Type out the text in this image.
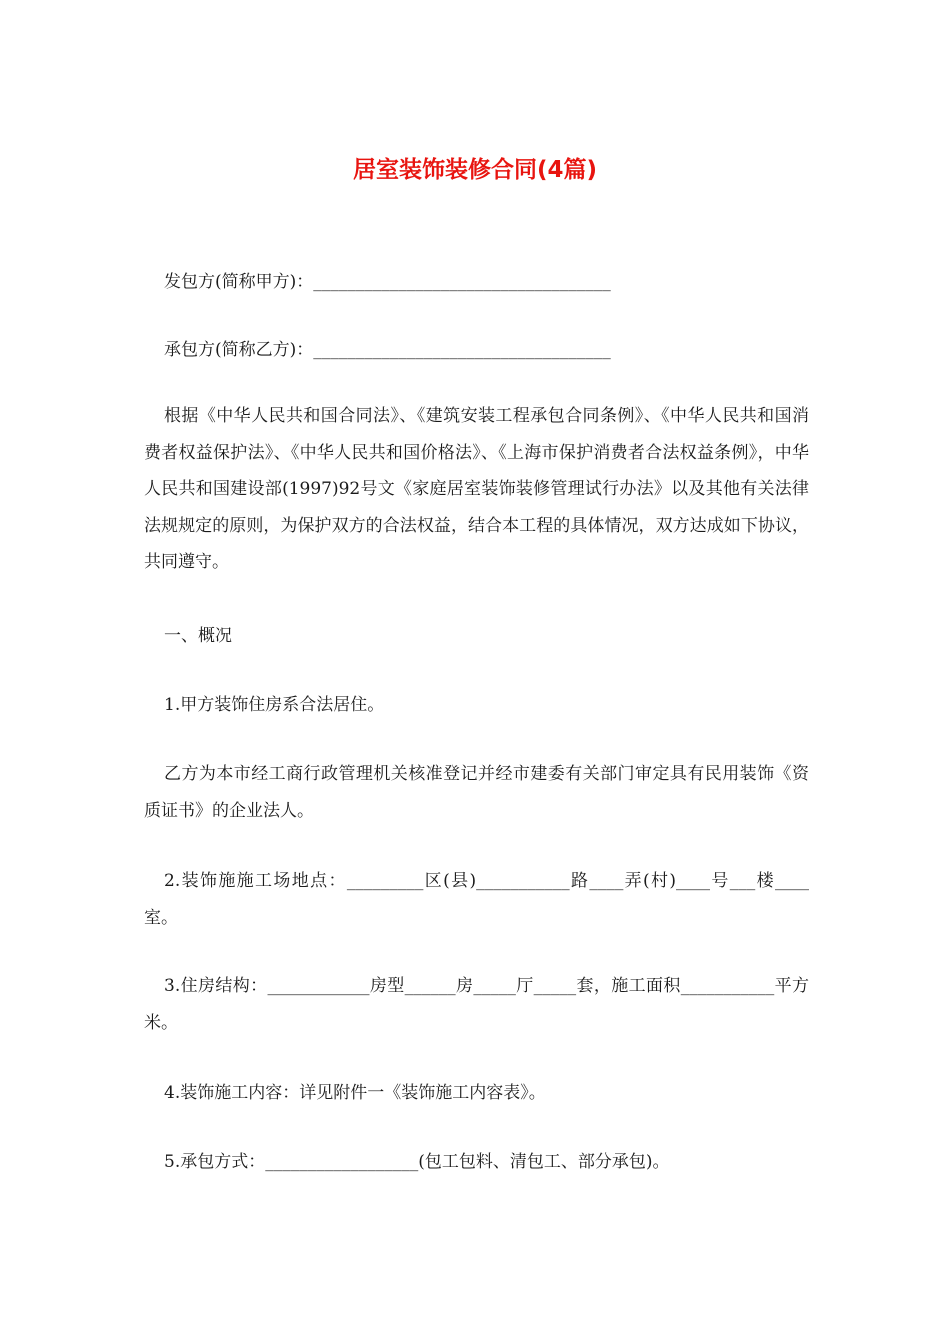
居室装饰装修合同(4篇)
发包方(简称甲方)：___________________________________
承包方(简称乙方)：___________________________________
根据《中华人民共和国合同法》、《建筑安装工程承包合同条例》、《中华人民共和国消费者权益保护法》、《中华人民共和国价格法》、《上海市保护消费者合法权益条例》，中华人民共和国建设部(1997)92号文《家庭居室装饰装修管理试行办法》以及其他有关法律法规规定的原则，为保护双方的合法权益，结合本工程的具体情况，双方达成如下协议，共同遵守。
一、概况
1.甲方装饰住房系合法居住。
乙方为本市经工商行政管理机关核准登记并经市建委有关部门审定具有民用装饰《资质证书》的企业法人。
2.装饰施施工场地点：_________区(县)___________路____弄(村)____号___楼____室。
3.住房结构：____________房型______房_____厅_____套，施工面积___________平方米。
4.装饰施工内容：详见附件一《装饰施工内容表》。
5.承包方式：__________________(包工包料、清包工、部分承包)。
